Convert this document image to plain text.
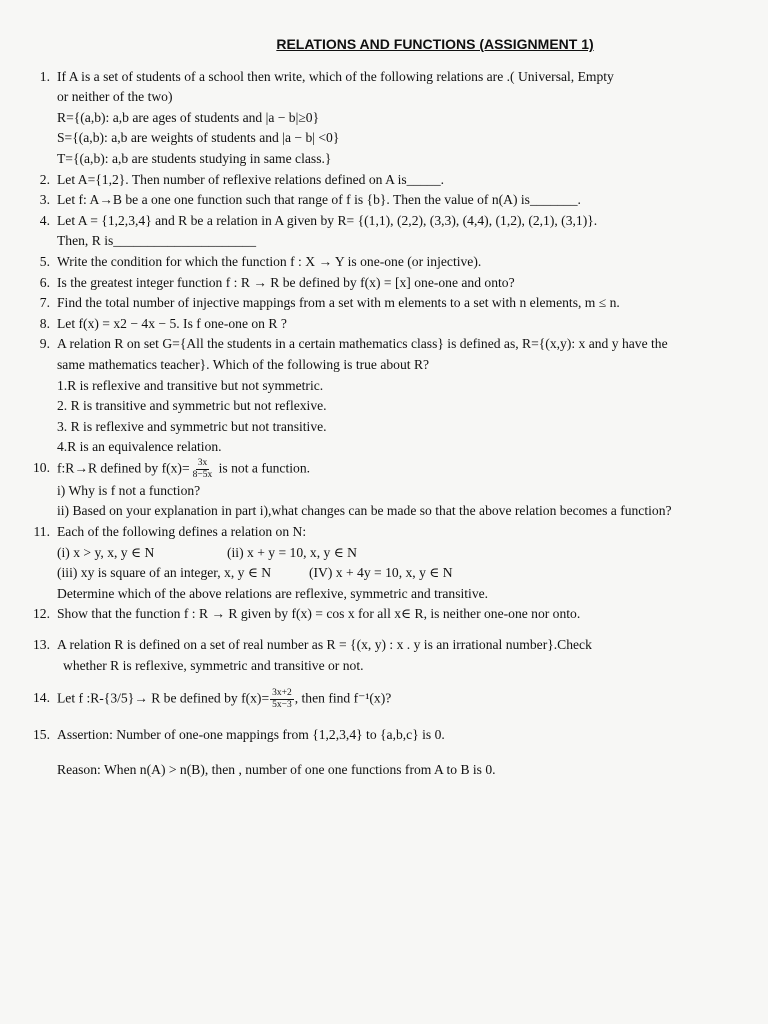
RELATIONS AND FUNCTIONS (ASSIGNMENT 1)
1. If A is a set of students of a school then write, which of the following relations are .( Universal, Empty
or neither of the two)
R={(a,b): a,b are ages of students and |a − b|≥0}
S={(a,b): a,b are weights of students and |a − b| <0}
T={(a,b): a,b are students studying in same class.}
2. Let A={1,2}. Then number of reflexive relations defined on A is_____.
3. Let f: A→B be a one one function such that range of f is {b}. Then the value of n(A) is_______.
4. Let A = {1,2,3,4} and R be a relation in A given by R= {(1,1), (2,2), (3,3), (4,4), (1,2), (2,1), (3,1)}.
Then, R is_____________________
5. Write the condition for which the function f : X → Y is one-one (or injective).
6. Is the greatest integer function f : R → R be defined by f(x) = [x] one-one and onto?
7. Find the total number of injective mappings from a set with m elements to a set with n elements, m ≤ n.
8. Let f(x) = x2 − 4x − 5. Is f one-one on R ?
9. A relation R on set G={All the students in a certain mathematics class} is defined as, R={(x,y): x and y have the
same mathematics teacher}. Which of the following is true about R?
1.R is reflexive and transitive but not symmetric.
2. R is transitive and symmetric but not reflexive.
3. R is reflexive and symmetric but not transitive.
4.R is an equivalence relation.
10. f:R→R defined by $f(x)= \frac{3x}{8-5x}$ is not a function.
i) Why is f not a function?
ii) Based on your explanation in part i),what changes can be made so that the above relation becomes a function?
11. Each of the following defines a relation on N:
(i) x > y, x, y ∈ N	(ii) x + y = 10, x, y ∈ N
(iii) xy is square of an integer, x, y ∈ N	(IV) x + 4y = 10, x, y ∈ N
Determine which of the above relations are reflexive, symmetric and transitive.
12. Show that the function f : R → R given by f(x) = cos x for all x∈ R, is neither one-one nor onto.
13. A relation R is defined on a set of real number as R = {(x, y) : x . y is an irrational number}.Check
whether R is reflexive, symmetric and transitive or not.
14. Let f :R-{3/5}→ R be defined by $f(x)= \frac{3x+2}{5x-3}$ , then find f⁻¹(x)?
15. Assertion: Number of one-one mappings from {1,2,3,4} to {a,b,c} is 0.
Reason: When n(A) > n(B), then , number of one one functions from A to B is 0.
